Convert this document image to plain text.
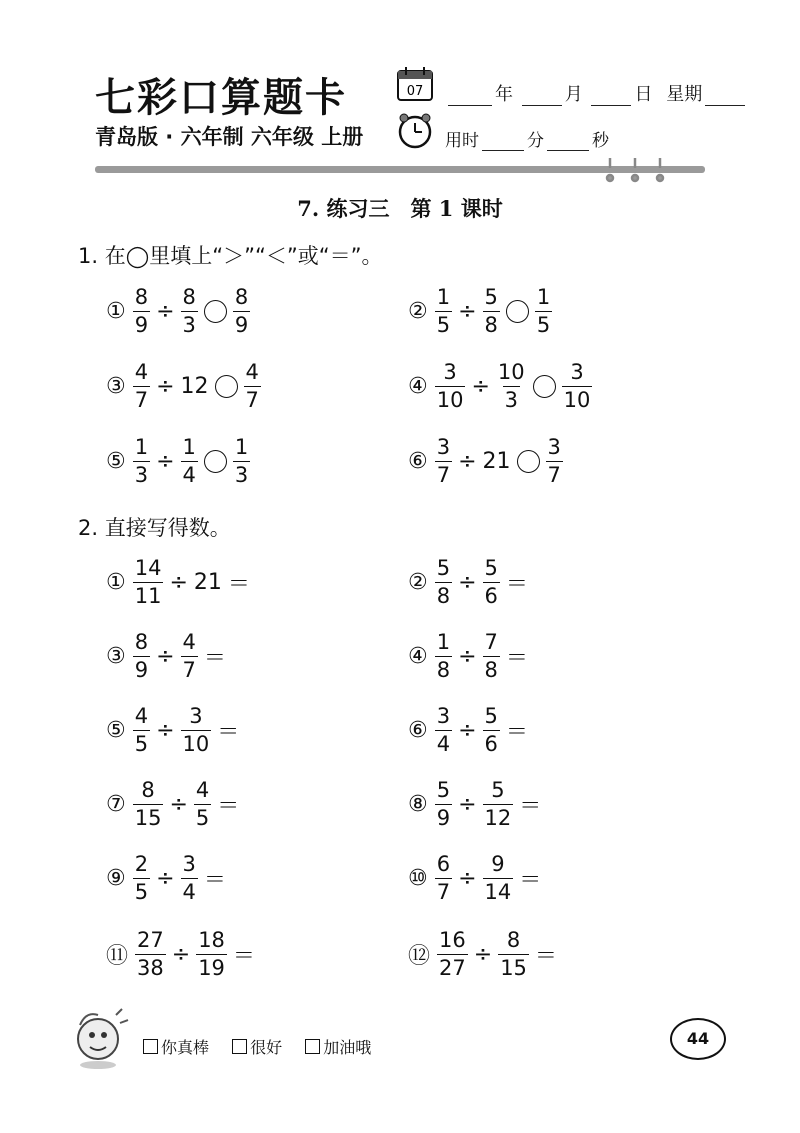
七彩口算题卡
青岛版 · 六年制 六年级 上册
07	年	月	日 星期
用时	分	秒
7. 练习三　第 1 课时
1. 在◯里填上“＞”“＜”或“＝”。
① $\frac{8}{9} \div \frac{8}{3} \frac{8}{9}$	② $\frac{1}{5} \div \frac{5}{8} \frac{1}{5}$
③ $\frac{4}{7} \div 12 \frac{4}{7}$	④ $\frac{3}{10} \div \frac{10}{3} \frac{3}{10}$
⑤ $\frac{1}{3} \div \frac{1}{4} \frac{1}{3}$	⑥ $\frac{3}{7} \div 21 \frac{3}{7}$
2. 直接写得数。
① $\frac{14}{11} \div 21$ ＝	② $\frac{5}{8} \div \frac{5}{6}$ ＝
③ $\frac{8}{9} \div \frac{4}{7}$ ＝	④ $\frac{1}{8} \div \frac{7}{8}$ ＝
⑤ $\frac{4}{5} \div \frac{3}{10}$ ＝	⑥ $\frac{3}{4} \div \frac{5}{6}$ ＝
⑦ $\frac{8}{15} \div \frac{4}{5}$ ＝	⑧ $\frac{5}{9} \div \frac{5}{12}$ ＝
⑨ $\frac{2}{5} \div \frac{3}{4}$ ＝	⑩ $\frac{6}{7} \div \frac{9}{14}$ ＝
⑪ $\frac{27}{38} \div \frac{18}{19}$ ＝	⑫ $\frac{16}{27} \div \frac{8}{15}$ ＝
你真棒	很好	加油哦	44
